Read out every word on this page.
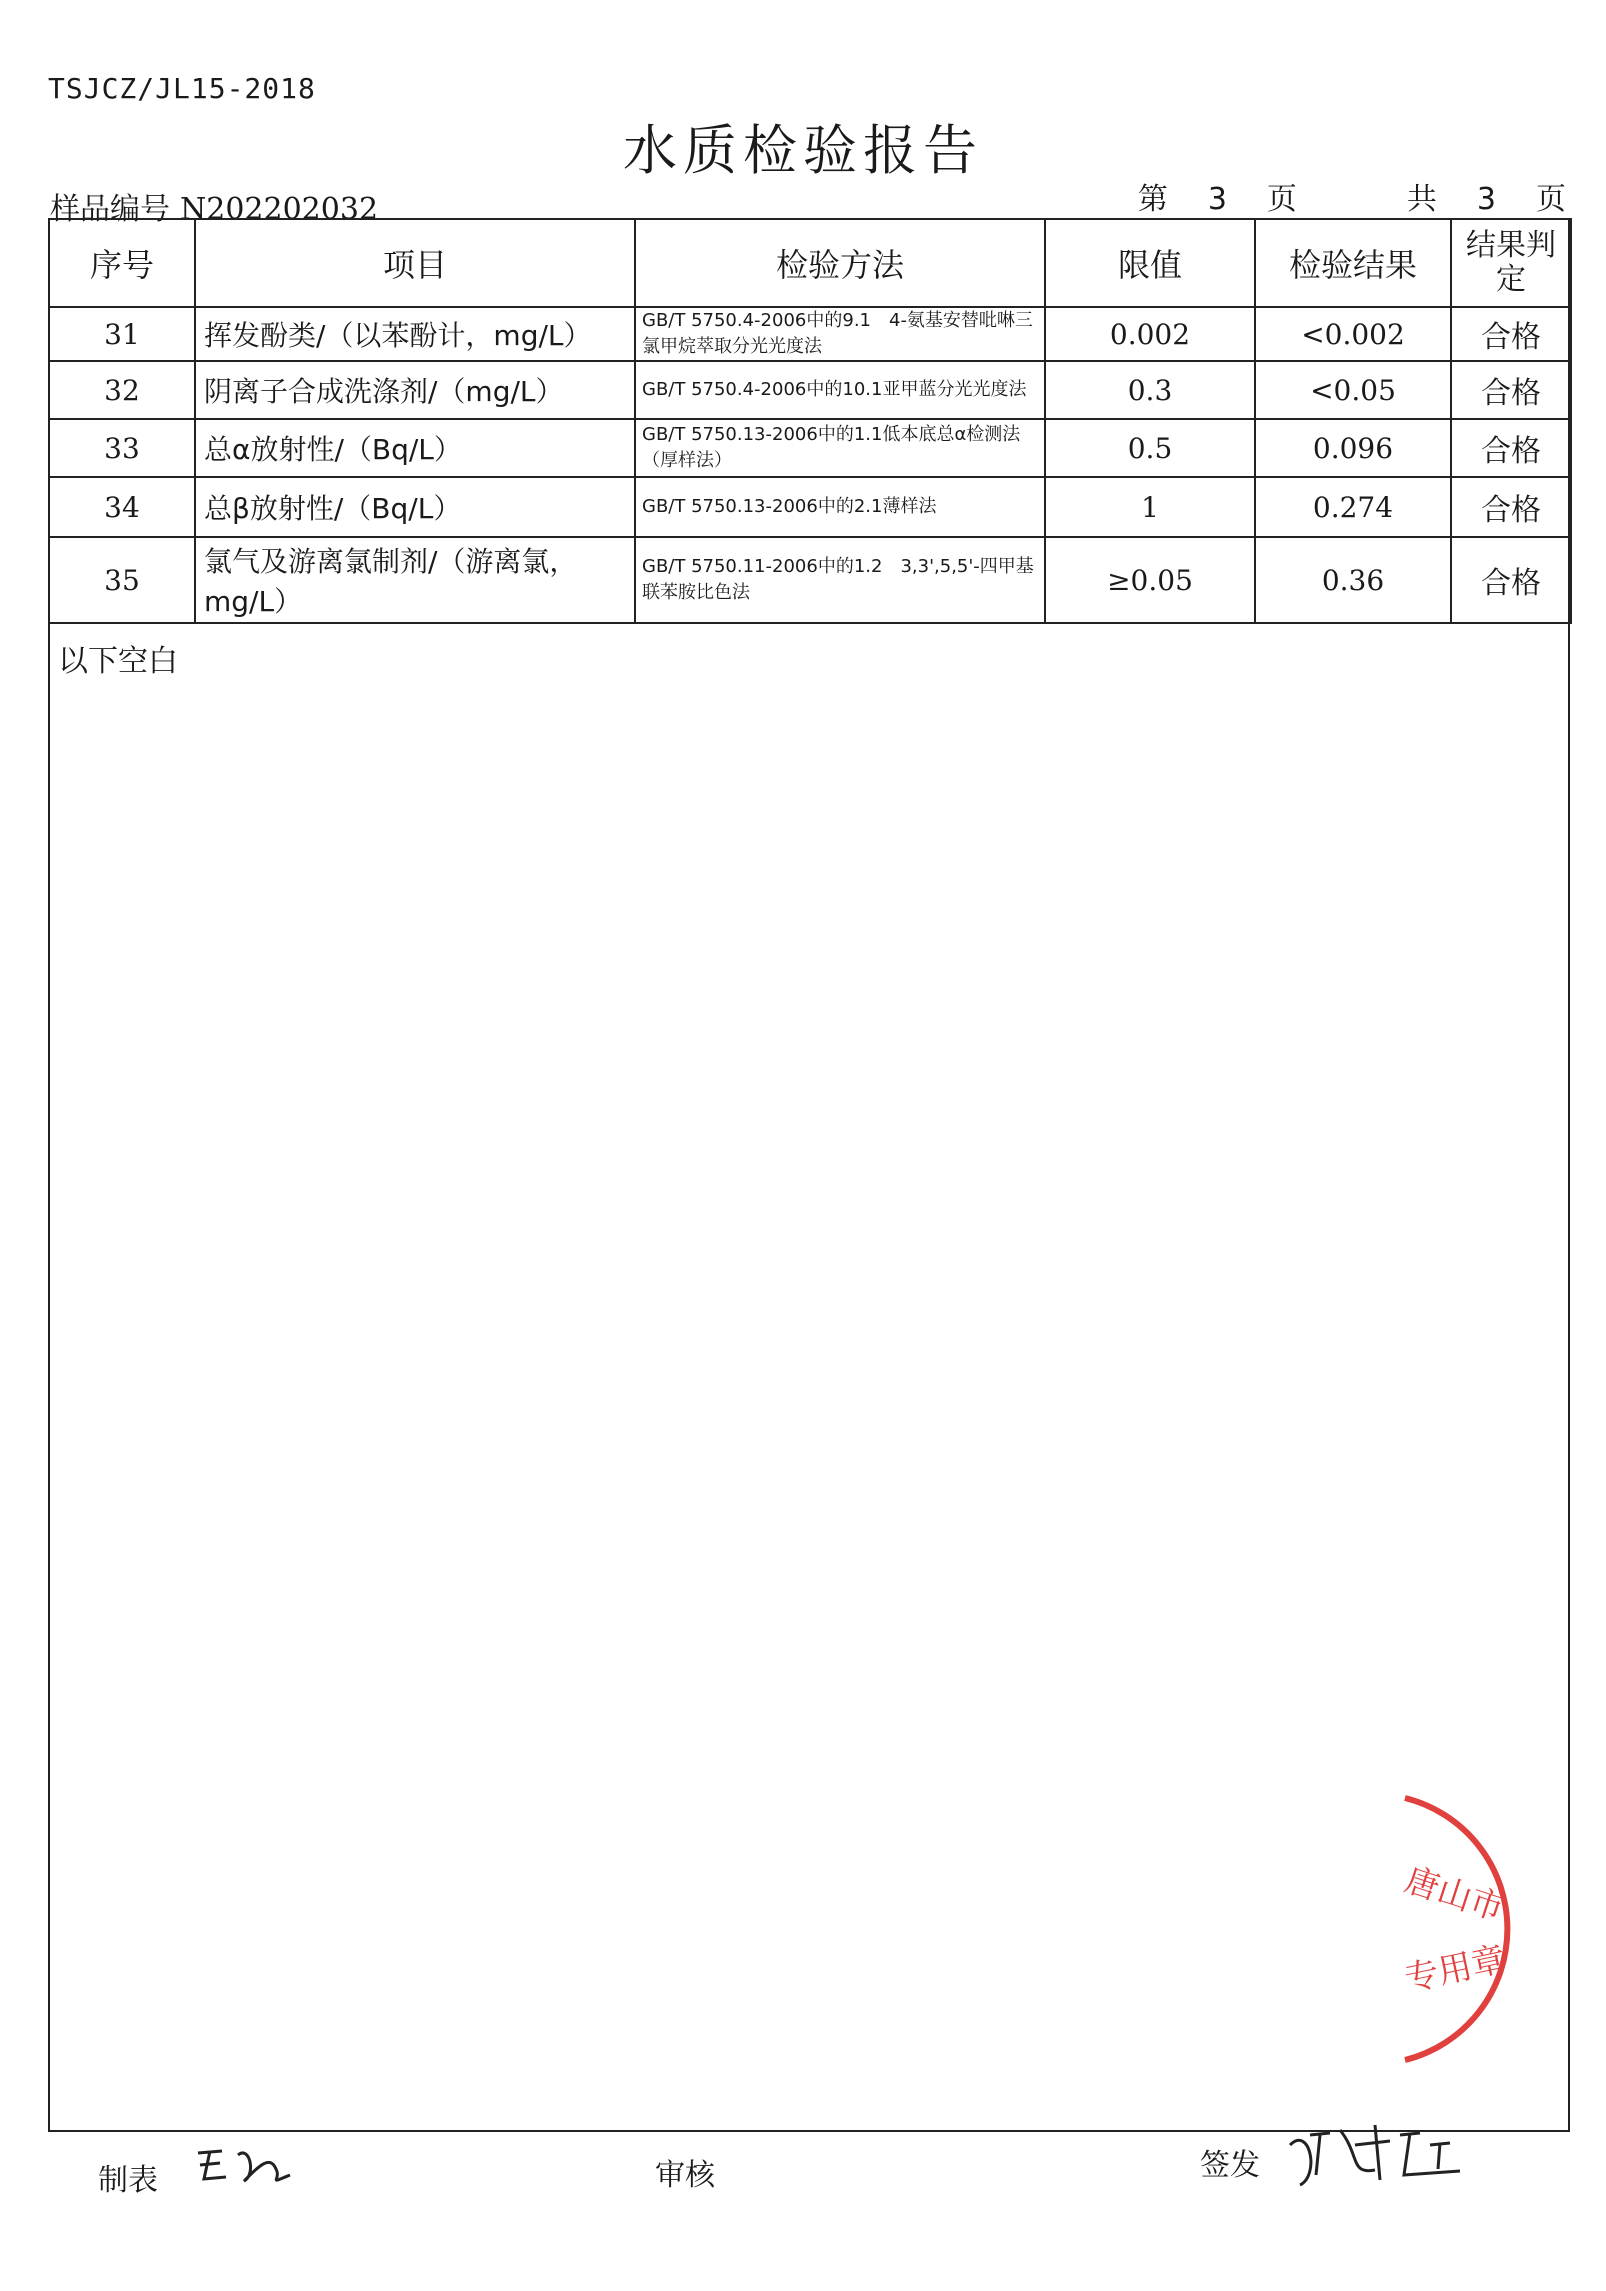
TSJCZ/JL15-2018
水质检验报告
样品编号 N202202032	第 3 页	共 3 页
序号	项目	检验方法	限值	检验结果	结果判定
31	挥发酚类/（以苯酚计，mg/L）	GB/T 5750.4-2006中的9.1　4-氨基安替吡啉三氯甲烷萃取分光光度法	0.002	<0.002	合格
32	阴离子合成洗涤剂/（mg/L）	GB/T 5750.4-2006中的10.1亚甲蓝分光光度法	0.3	<0.05	合格
33	总α放射性/（Bq/L）	GB/T 5750.13-2006中的1.1低本底总α检测法（厚样法）	0.5	0.096	合格
34	总β放射性/（Bq/L）	GB/T 5750.13-2006中的2.1薄样法	1	0.274	合格
35	氯气及游离氯制剂/（游离氯，mg/L）	GB/T 5750.11-2006中的1.2　3,3',5,5'-四甲基联苯胺比色法	≥0.05	0.36	合格
以下空白
唐山市
专用章
制表	审核	签发
